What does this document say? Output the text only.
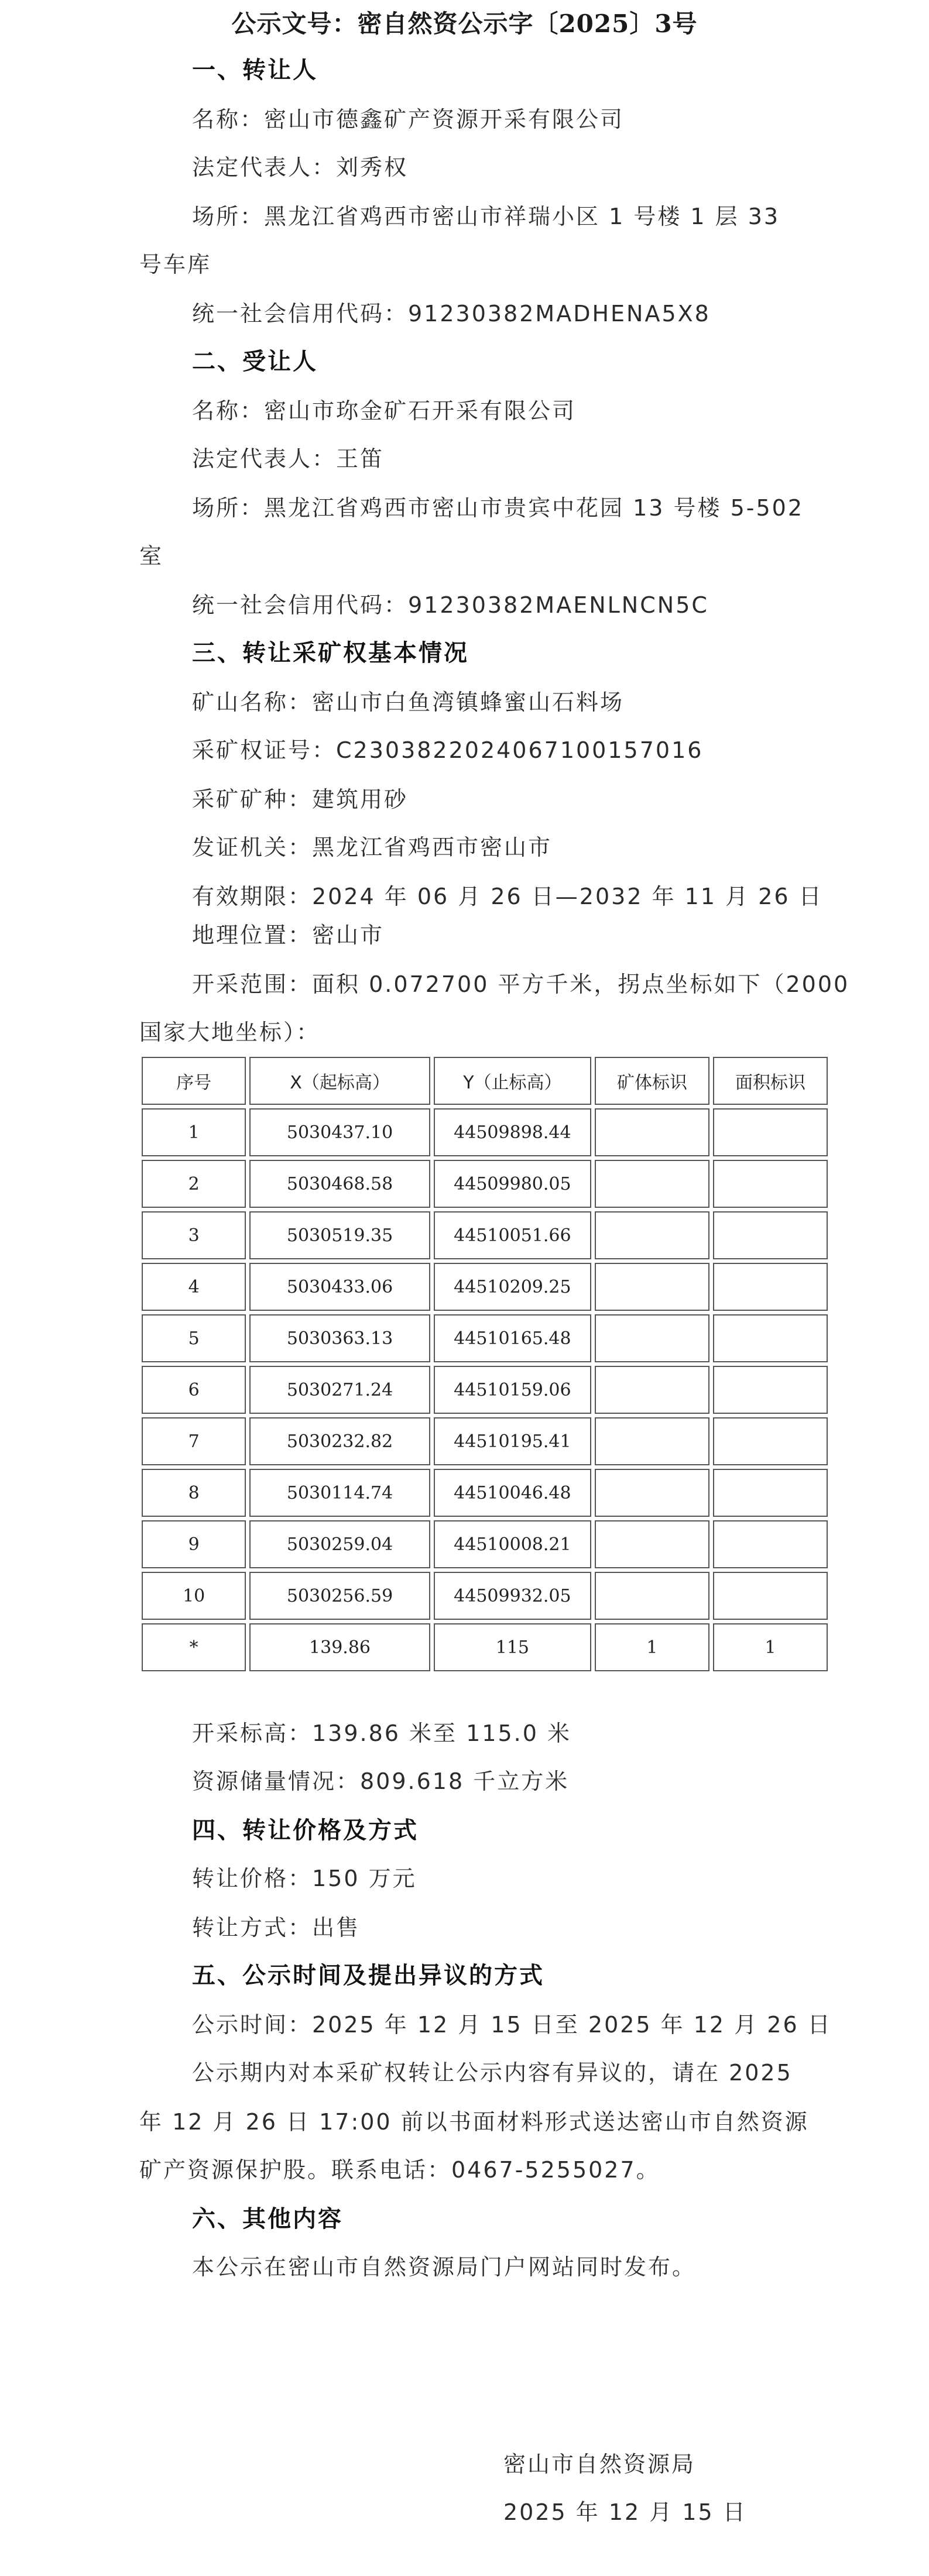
公示文号：密自然资公示字〔2025〕3号
一、转让人
名称：密山市德鑫矿产资源开采有限公司
法定代表人：刘秀权
场所：黑龙江省鸡西市密山市祥瑞小区 1 号楼 1 层 33
号车库
统一社会信用代码：91230382MADHENA5X8
二、受让人
名称：密山市珎金矿石开采有限公司
法定代表人：王笛
场所：黑龙江省鸡西市密山市贵宾中花园 13 号楼 5-502
室
统一社会信用代码：91230382MAENLNCN5C
三、转让采矿权基本情况
矿山名称：密山市白鱼湾镇蜂蜜山石料场
采矿权证号：C2303822024067100157016
采矿矿种：建筑用砂
发证机关：黑龙江省鸡西市密山市
有效期限：2024 年 06 月 26 日—2032 年 11 月 26 日
地理位置：密山市
开采范围：面积 0.072700 平方千米，拐点坐标如下（2000
国家大地坐标）：
序号	X（起标高）	Y（止标高）	矿体标识	面积标识
1	5030437.10	44509898.44		
2	5030468.58	44509980.05		
3	5030519.35	44510051.66		
4	5030433.06	44510209.25		
5	5030363.13	44510165.48		
6	5030271.24	44510159.06		
7	5030232.82	44510195.41		
8	5030114.74	44510046.48		
9	5030259.04	44510008.21		
10	5030256.59	44509932.05		
*	139.86	115	1	1
开采标高：139.86 米至 115.0 米
资源储量情况：809.618 千立方米
四、转让价格及方式
转让价格：150 万元
转让方式：出售
五、公示时间及提出异议的方式
公示时间：2025 年 12 月 15 日至 2025 年 12 月 26 日
公示期内对本采矿权转让公示内容有异议的，请在 2025
年 12 月 26 日 17:00 前以书面材料形式送达密山市自然资源
矿产资源保护股。联系电话：0467-5255027。
六、其他内容
本公示在密山市自然资源局门户网站同时发布。
密山市自然资源局
2025 年 12 月 15 日
